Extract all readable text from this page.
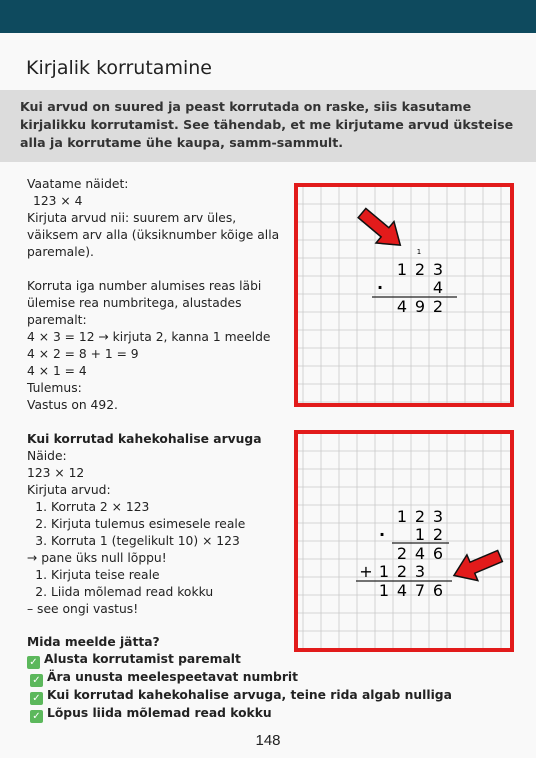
Kirjalik korrutamine

Kui arvud on suured ja peast korrutada on raske, siis kasutame kirjalikku korrutamist. See tähendab, et me kirjutame arvud üksteise alla ja korrutame ühe kaupa, samm-sammult.

Vaatame näidet:
123 × 4
Kirjuta arvud nii: suurem arv üles,
väiksem arv alla (üksiknumber kõige alla
paremale).
Korruta iga number alumises reas läbi
ülemise rea numbritega, alustades
paremalt:
4 × 3 = 12 → kirjuta 2, kanna 1 meelde
4 × 2 = 8 + 1 = 9
4 × 1 = 4
Tulemus:
Vastus on 492.
Kui korrutad kahekohalise arvuga
Näide:
123 × 12
Kirjuta arvud:
1. Korruta 2 × 123
2. Kirjuta tulemus esimesele reale
3. Korruta 1 (tegelikult 10) × 123
→ pane üks null lõppu!
1. Kirjuta teise reale
2. Liida mõlemad read kokku
– see ongi vastus!
Mida meelde jätta?
✓ Alusta korrutamist paremalt
✓ Ära unusta meelespeetavat numbrit
✓ Kui korrutad kahekohalise arvuga, teine rida algab nulliga
✓ Lõpus liida mõlemad read kokku
1
1 2 3
·	4
4 9 2
1 2 3
· 1 2
2 4 6
+ 1 2 3
1 4 7 6
148
